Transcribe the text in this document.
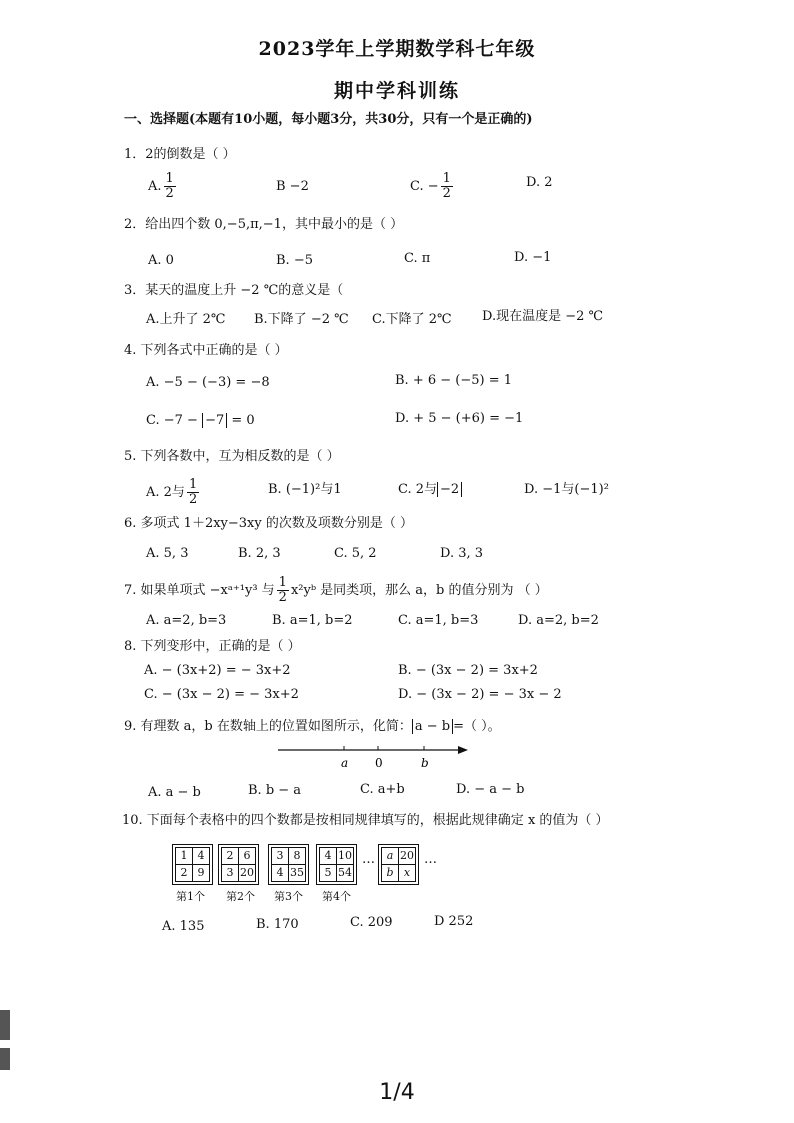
2023学年上学期数学科七年级
期中学科训练
一、选择题(本题有10小题，每小题3分，共30分，只有一个是正确的)
1．2的倒数是（ ）
A. $\frac{1}{2}$	B −2	C. − $\frac{1}{2}$	D. 2
2．给出四个数 0,−5,π,−1，其中最小的是（ ）
A. 0	B. −5	C. π	D. −1
3．某天的温度上升 −2 ℃的意义是（
A.上升了 2℃ B.下降了 −2 ℃ C.下降了 2℃ D.现在温度是 −2 ℃
4. 下列各式中正确的是（ ）
A. −5 − (−3) = −8	B. + 6 − (−5) = 1
C. −7 − −7 = 0	D. + 5 − (+6) = −1
5. 下列各数中，互为相反数的是（ ）
A. 2与 $\frac{1}{2}$	B. (−1)²与1	C. 2与 −2	D. −1与(−1)²
6. 多项式 1＋2xy−3xy 的次数及项数分别是（ ）
A. 5, 3	B. 2, 3	C. 5, 2	D. 3, 3
7. 如果单项式 −xᵃ⁺¹y³ 与 $\frac{1}{2}$ x²yᵇ 是同类项，那么 a，b 的值分别为 （ ）
A. a=2, b=3	B. a=1, b=2	C. a=1, b=3	D. a=2, b=2
8. 下列变形中，正确的是（ ）
A. − (3x+2) = − 3x+2	B. − (3x − 2) = 3x+2
C. − (3x − 2) = − 3x+2	D. − (3x − 2) = − 3x − 2
9. 有理数 a，b 在数轴上的位置如图所示，化简： a − b =（ ）。
a 0	b
A. a − b	B. b − a	C. a+b	D. − a − b
10. 下面每个表格中的四个数都是按相同规律填写的，根据此规律确定 x 的值为（ ）
1	4
2	9
第1个
2	6
3	20
第2个
3	8
4	35
第3个
4	10
5	54
第4个
… a	20
b	x
…
A. 135	B. 170	C. 209	D 252
1/4
